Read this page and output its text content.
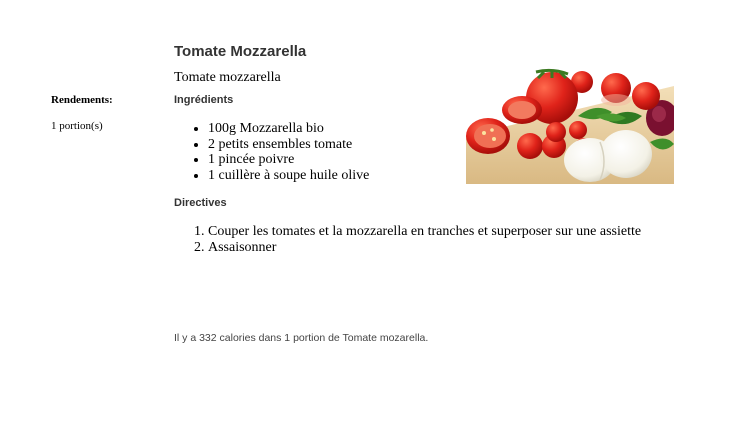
Tomate Mozzarella
Tomate mozzarella
Rendements:
1 portion(s)
Ingrédients
• 100g Mozzarella bio
• 2 petits ensembles tomate
• 1 pincée poivre
• 1 cuillère à soupe huile olive
Directives
1. Couper les tomates et la mozzarella en tranches et superposer sur une assiette
2. Assaisonner
Il y a 332 calories dans 1 portion de Tomate mozarella.
